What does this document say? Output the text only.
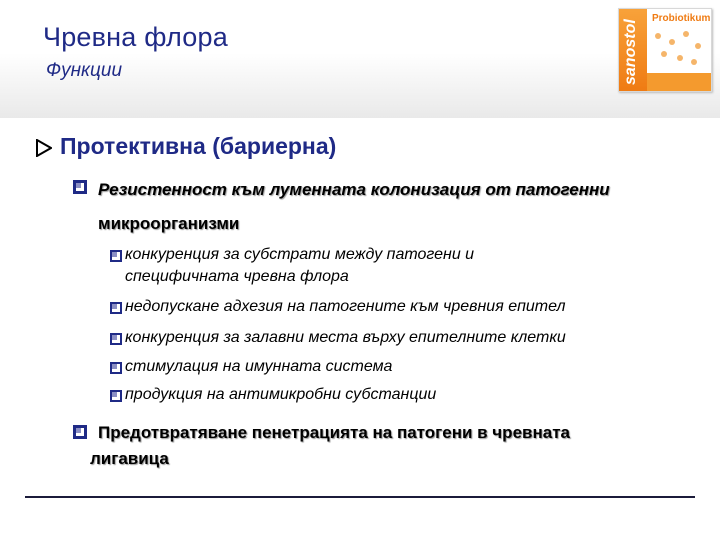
Чревна флора
Функции	sanostol
Probiotikum
Протективна (бариерна)
Резистенност към луменната колонизация от патогенни
микроорганизми
конкуренция за субстрати между патогени и
специфичната чревна флора
недопускане адхезия на патогените към чревния епител
конкуренция за залавни места върху епителните клетки
стимулация на имунната система
продукция на антимикробни субстанции
Предотвратяване пенетрацията на патогени в чревната
лигавица
